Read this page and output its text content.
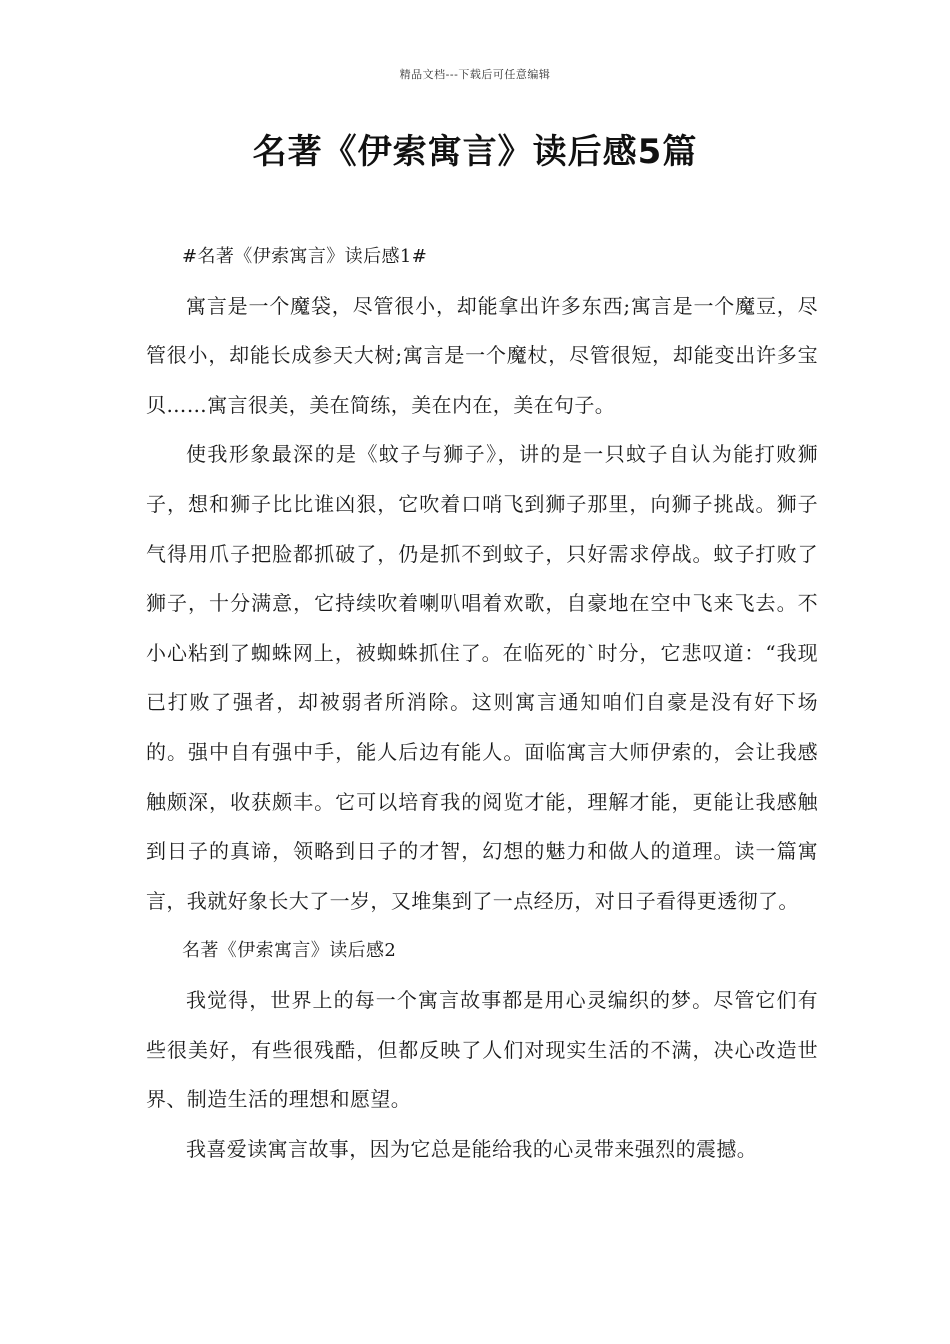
精品文档---下载后可任意编辑
名著《伊索寓言》读后感5篇

#名著《伊索寓言》读后感1#

寓言是一个魔袋，尽管很小，却能拿出许多东西;寓言是一个魔豆，尽管很小，却能长成参天大树;寓言是一个魔杖，尽管很短，却能变出许多宝贝……寓言很美，美在简练，美在内在，美在句子。

使我形象最深的是《蚊子与狮子》，讲的是一只蚊子自认为能打败狮子，想和狮子比比谁凶狠，它吹着口哨飞到狮子那里，向狮子挑战。狮子气得用爪子把脸都抓破了，仍是抓不到蚊子，只好需求停战。蚊子打败了狮子，十分满意，它持续吹着喇叭唱着欢歌，自豪地在空中飞来飞去。不小心粘到了蜘蛛网上，被蜘蛛抓住了。在临死的`时分，它悲叹道：“我现已打败了强者，却被弱者所消除。这则寓言通知咱们自豪是没有好下场的。强中自有强中手，能人后边有能人。面临寓言大师伊索的，会让我感触颇深，收获颇丰。它可以培育我的阅览才能，理解才能，更能让我感触到日子的真谛，领略到日子的才智，幻想的魅力和做人的道理。读一篇寓言，我就好象长大了一岁，又堆集到了一点经历，对日子看得更透彻了。

名著《伊索寓言》读后感2

我觉得，世界上的每一个寓言故事都是用心灵编织的梦。尽管它们有些很美好，有些很残酷，但都反映了人们对现实生活的不满，决心改造世界、制造生活的理想和愿望。

我喜爱读寓言故事，因为它总是能给我的心灵带来强烈的震撼。
